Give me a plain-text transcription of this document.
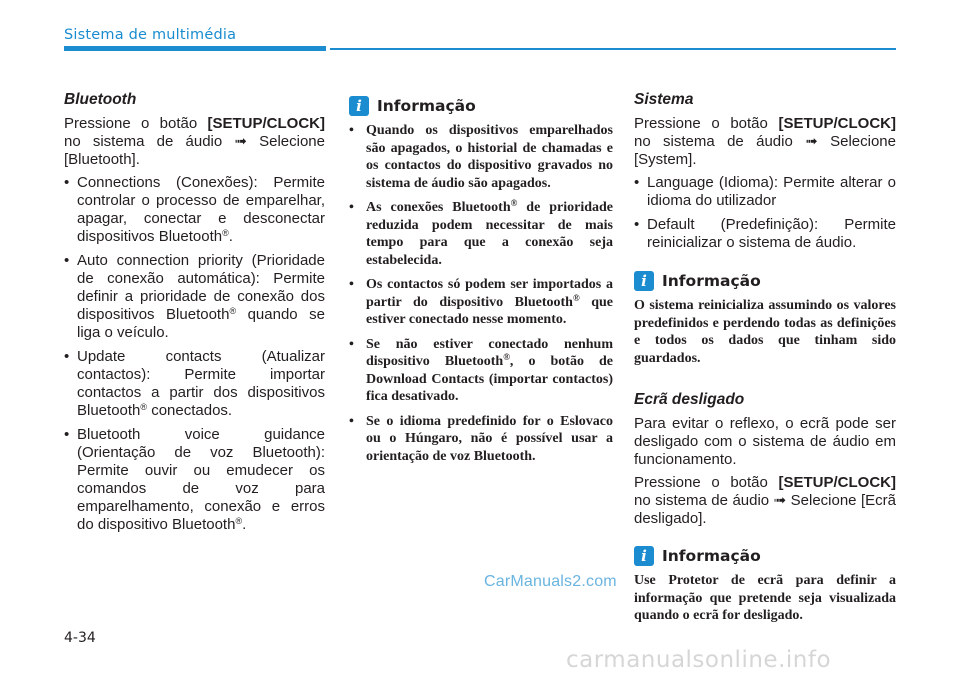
Sistema de multimédia
Bluetooth

Pressione o botão [SETUP/CLOCK] no sistema de áudio ➟ Selecione [Bluetooth].

• Connections (Conexões): Permite controlar o processo de emparelhar, apagar, conectar e desconectar dispositivos Bluetooth®.
• Auto connection priority (Prioridade de conexão automática): Permite definir a prioridade de conexão dos dispositivos Bluetooth® quando se liga o veículo.
• Update contacts (Atualizar contactos): Permite importar contactos a partir dos dispositivos Bluetooth® conectados.
• Bluetooth voice guidance (Orientação de voz Bluetooth): Permite ouvir ou emudecer os comandos de voz para emparelhamento, conexão e erros do dispositivo Bluetooth®.
i Informação
• Quando os dispositivos emparelhados são apagados, o historial de chamadas e os contactos do dispositivo gravados no sistema de áudio são apagados.
• As conexões Bluetooth® de prioridade reduzida podem necessitar de mais tempo para que a conexão seja estabelecida.
• Os contactos só podem ser importados a partir do dispositivo Bluetooth® que estiver conectado nesse momento.
• Se não estiver conectado nenhum dispositivo Bluetooth®, o botão de Download Contacts (importar contactos) fica desativado.
• Se o idioma predefinido for o Eslovaco ou o Húngaro, não é possível usar a orientação de voz Bluetooth.
Sistema

Pressione o botão [SETUP/CLOCK] no sistema de áudio ➟ Selecione [System].

• Language (Idioma): Permite alterar o idioma do utilizador
• Default (Predefinição): Permite reinicializar o sistema de áudio.
i Informação

O sistema reinicializa assumindo os valores predefinidos e perdendo todas as definições e todos os dados que tinham sido guardados.

Ecrã desligado

Para evitar o reflexo, o ecrã pode ser desligado com o sistema de áudio em funcionamento.

Pressione o botão [SETUP/CLOCK] no sistema de áudio ➟ Selecione [Ecrã desligado].

i Informação

Use Protetor de ecrã para definir a informação que pretende seja visualizada quando o ecrã for desligado.

CarManuals2.com
4-34
carmanualsonline.info
